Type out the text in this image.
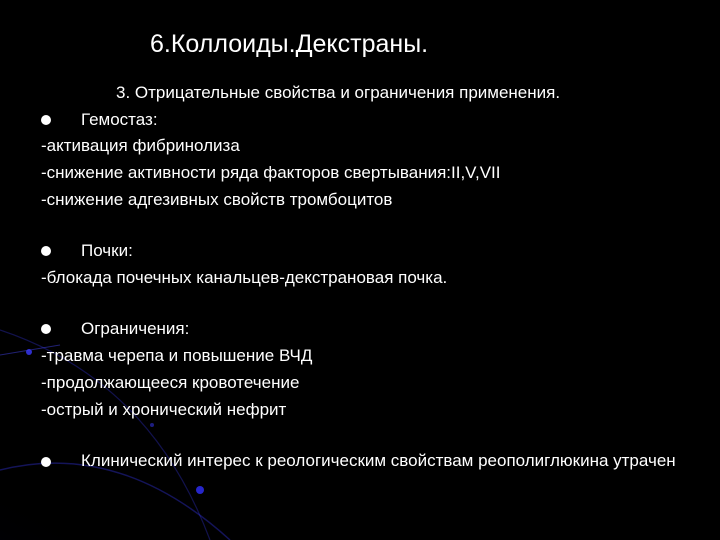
6.Коллоиды.Декстраны.
3. Отрицательные свойства и ограничения применения.
Гемостаз:
-активация фибринолиза
-снижение активности ряда факторов свертывания:II,V,VII
-снижение адгезивных свойств тромбоцитов
Почки:
-блокада почечных канальцев-декстрановая почка.
Ограничения:
-травма черепа и повышение ВЧД
-продолжающееся кровотечение
-острый и хронический нефрит
Клинический интерес к реологическим свойствам реополиглюкина утрачен
